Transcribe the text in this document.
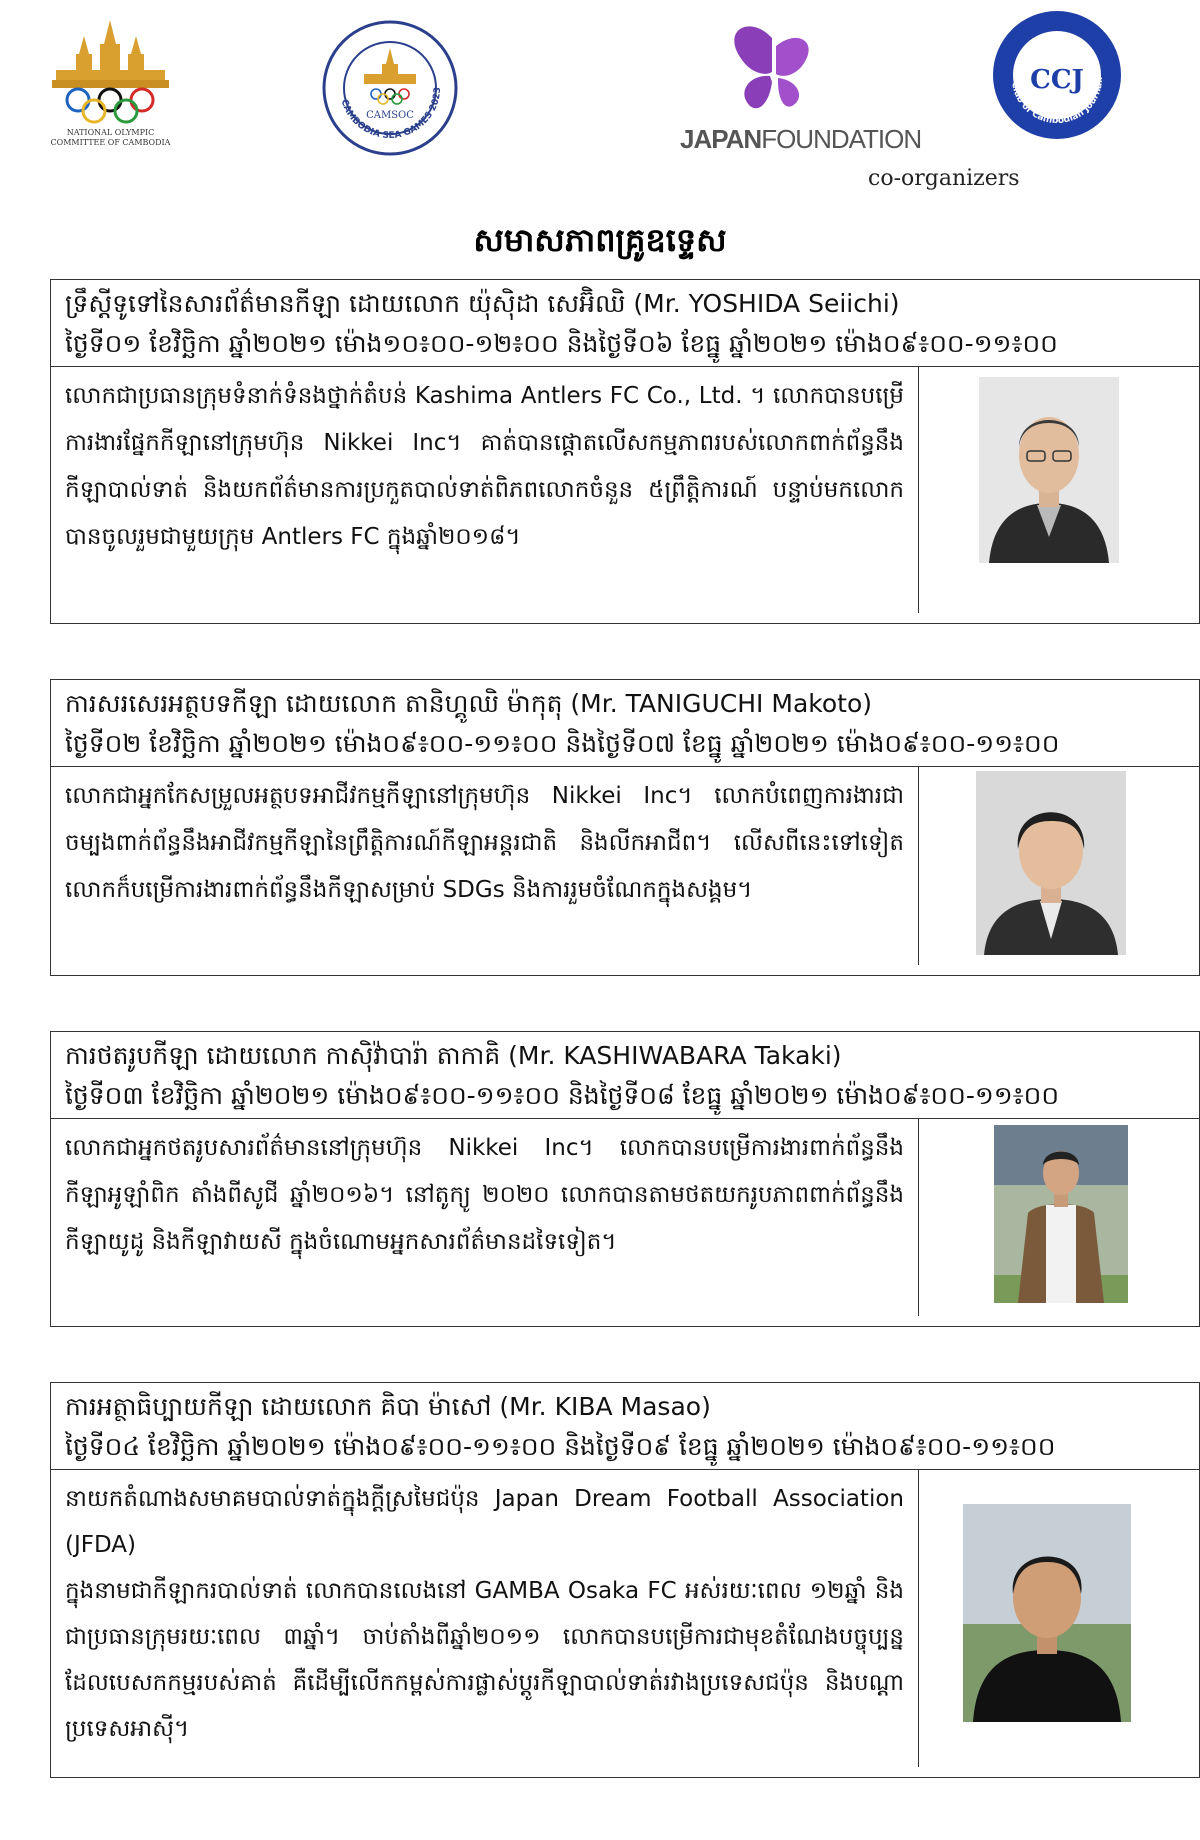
NATIONAL OLYMPIC
COMMITTEE OF CAMBODIA
CAMBODIA SEA GAMES 2023
CAMSOC
JAPANFOUNDATION
Club of Cambodian Journali
CCJ
co-organizers
សមាសភាពគ្រូឧទ្ទេស
ទ្រឹស្ដីទូទៅនៃសារព័ត៌មានកីឡា ដោយលោក យ៉ុស៊ិដា សេអ៊ិឈិ (Mr. YOSHIDA Seiichi)
ថ្ងៃទី០១ ខែវិច្ឆិកា ឆ្នាំ២០២១ ម៉ោង១០៖០០-១២៖០០ និងថ្ងៃទី០៦ ខែធ្នូ ឆ្នាំ២០២១ ម៉ោង០៩៖០០-១១៖០០

លោកជាប្រធានក្រុមទំនាក់ទំនងថ្នាក់តំបន់ Kashima Antlers FC Co., Ltd. ។ លោកបានបម្រើការងារផ្នែកកីឡានៅក្រុមហ៊ុន Nikkei Inc។ គាត់បានផ្ដោតលើសកម្មភាពរបស់លោកពាក់ព័ន្ធនឹងកីឡាបាល់ទាត់ និងយកព័ត៌មានការប្រកួតបាល់ទាត់ពិភពលោកចំនួន ៥ព្រឹត្តិការណ៍ បន្ទាប់មកលោកបានចូលរួមជាមួយក្រុម Antlers FC ក្នុងឆ្នាំ២០១៨។

ការសរសេរអត្ថបទកីឡា ដោយលោក តានិហ្គូឈិ ម៉ាកុតុ (Mr. TANIGUCHI Makoto)
ថ្ងៃទី០២ ខែវិច្ឆិកា ឆ្នាំ២០២១ ម៉ោង០៩៖០០-១១៖០០ និងថ្ងៃទី០៧ ខែធ្នូ ឆ្នាំ២០២១ ម៉ោង០៩៖០០-១១៖០០

លោកជាអ្នកកែសម្រួលអត្ថបទអាជីវកម្មកីឡានៅក្រុមហ៊ុន Nikkei Inc។ លោកបំពេញការងារជាចម្បងពាក់ព័ន្ធនឹងអាជីវកម្មកីឡានៃព្រឹត្តិការណ៍កីឡាអន្តរជាតិ និងលីកអាជីព។ លើសពីនេះទៅទៀត លោកក៏បម្រើការងារពាក់ព័ន្ធនឹងកីឡាសម្រាប់ SDGs និងការរួមចំណែកក្នុងសង្គម។

ការថតរូបកីឡា ដោយលោក កាស៊ិវ៉ាបារ៉ា តាកាគិ (Mr. KASHIWABARA Takaki)
ថ្ងៃទី០៣ ខែវិច្ឆិកា ឆ្នាំ២០២១ ម៉ោង០៩៖០០-១១៖០០ និងថ្ងៃទី០៨ ខែធ្នូ ឆ្នាំ២០២១ ម៉ោង០៩៖០០-១១៖០០

លោកជាអ្នកថតរូបសារព័ត៌មាននៅក្រុមហ៊ុន Nikkei Inc។ លោកបានបម្រើការងារពាក់ព័ន្ធនឹងកីឡាអូឡាំពិក តាំងពីសូជី ឆ្នាំ២០១៦។ នៅតូក្យូ ២០២០ លោកបានតាមថតយករូបភាពពាក់ព័ន្ធនឹងកីឡាយូដូ និងកីឡាវាយសី ក្នុងចំណោមអ្នកសារព័ត៌មានដទៃទៀត។

ការអត្ថាធិប្បាយកីឡា ដោយលោក គិបា ម៉ាសៅ (Mr. KIBA Masao)
ថ្ងៃទី០៤ ខែវិច្ឆិកា ឆ្នាំ២០២១ ម៉ោង០៩៖០០-១១៖០០ និងថ្ងៃទី០៩ ខែធ្នូ ឆ្នាំ២០២១ ម៉ោង០៩៖០០-១១៖០០

នាយកតំណាងសមាគមបាល់ទាត់ក្នុងក្ដីស្រមៃជប៉ុន Japan Dream Football Association (JFDA)

ក្នុងនាមជាកីឡាករបាល់ទាត់ លោកបានលេងនៅ GAMBA Osaka FC អស់រយៈពេល ១២ឆ្នាំ និងជាប្រធានក្រុមរយៈពេល ៣ឆ្នាំ។ ចាប់តាំងពីឆ្នាំ២០១១ លោកបានបម្រើការជាមុខតំណែងបច្ចុប្បន្ន ដែលបេសកកម្មរបស់គាត់ គឺដើម្បីលើកកម្ពស់ការផ្លាស់ប្ដូរកីឡាបាល់ទាត់រវាងប្រទេសជប៉ុន និងបណ្ដាប្រទេសអាស៊ី។
